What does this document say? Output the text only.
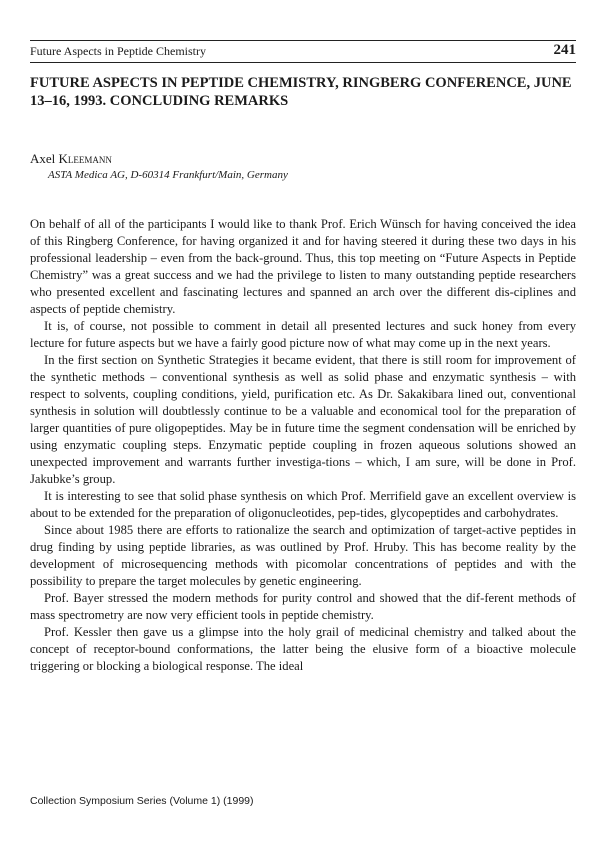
Future Aspects in Peptide Chemistry	241
FUTURE ASPECTS IN PEPTIDE CHEMISTRY, RINGBERG CONFERENCE, JUNE 13–16, 1993. CONCLUDING REMARKS
Axel Kleemann
ASTA Medica AG, D-60314 Frankfurt/Main, Germany

On behalf of all of the participants I would like to thank Prof. Erich Wünsch for having conceived the idea of this Ringberg Conference, for having organized it and for having steered it during these two days in his professional leadership – even from the back-ground. Thus, this top meeting on “Future Aspects in Peptide Chemistry” was a great success and we had the privilege to listen to many outstanding peptide researchers who presented excellent and fascinating lectures and spanned an arch over the different dis-ciplines and aspects of peptide chemistry.

It is, of course, not possible to comment in detail all presented lectures and suck honey from every lecture for future aspects but we have a fairly good picture now of what may come up in the next years.

In the first section on Synthetic Strategies it became evident, that there is still room for improvement of the synthetic methods – conventional synthesis as well as solid phase and enzymatic synthesis – with respect to solvents, coupling conditions, yield, purification etc. As Dr. Sakakibara lined out, conventional synthesis in solution will doubtlessly continue to be a valuable and economical tool for the preparation of larger quantities of pure oligopeptides. May be in future time the segment condensation will be enriched by using enzymatic coupling steps. Enzymatic peptide coupling in frozen aqueous solutions showed an unexpected improvement and warrants further investiga-tions – which, I am sure, will be done in Prof. Jakubke’s group.

It is interesting to see that solid phase synthesis on which Prof. Merrifield gave an excellent overview is about to be extended for the preparation of oligonucleotides, pep-tides, glycopeptides and carbohydrates.

Since about 1985 there are efforts to rationalize the search and optimization of target-active peptides in drug finding by using peptide libraries, as was outlined by Prof. Hruby. This has become reality by the development of microsequencing methods with picomolar concentrations of peptides and with the possibility to prepare the target molecules by genetic engineering.

Prof. Bayer stressed the modern methods for purity control and showed that the dif-ferent methods of mass spectrometry are now very efficient tools in peptide chemistry.

Prof. Kessler then gave us a glimpse into the holy grail of medicinal chemistry and talked about the concept of receptor-bound conformations, the latter being the elusive form of a bioactive molecule triggering or blocking a biological response. The ideal

Collection Symposium Series (Volume 1) (1999)
